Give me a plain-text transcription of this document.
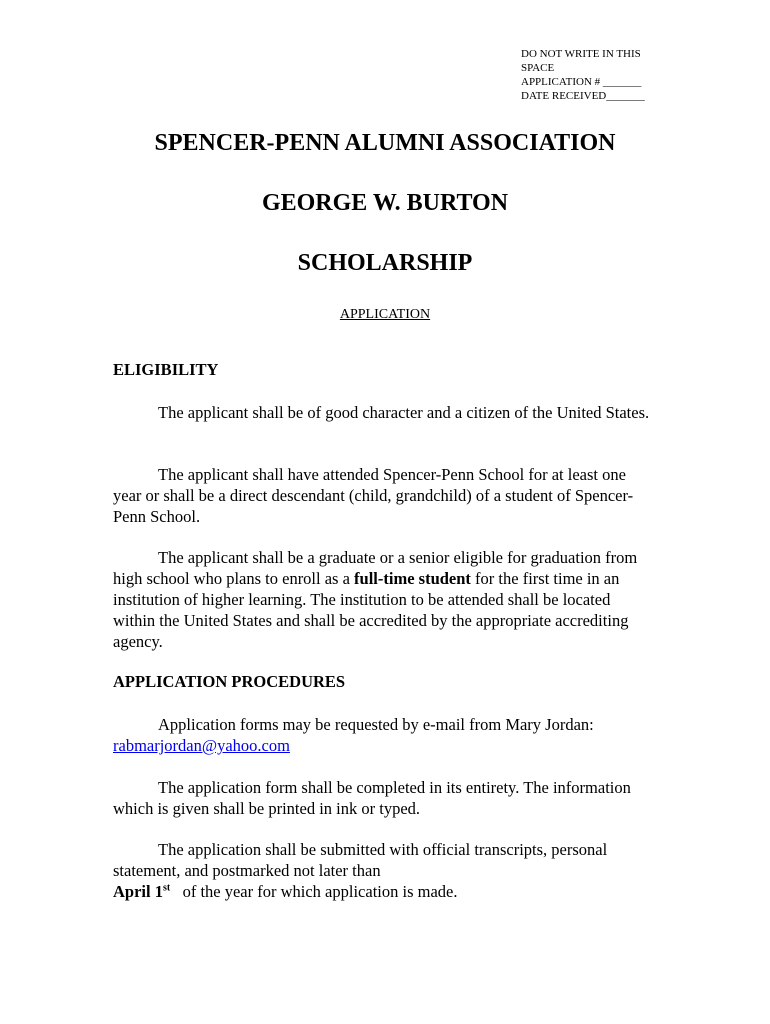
DO NOT WRITE IN THIS
SPACE
APPLICATION # _______
DATE RECEIVED_______
SPENCER-PENN ALUMNI ASSOCIATION
GEORGE W. BURTON
SCHOLARSHIP
APPLICATION
ELIGIBILITY
The applicant shall be of good character and a citizen of the United States.
The applicant shall have attended Spencer-Penn School for at least one year or shall be a direct descendant (child, grandchild) of a student of Spencer-Penn School.
The applicant shall be a graduate or a senior eligible for graduation from high school who plans to enroll as a full-time student for the first time in an institution of higher learning. The institution to be attended shall be located within the United States and shall be accredited by the appropriate accrediting agency.
APPLICATION PROCEDURES
Application forms may be requested by e-mail from Mary Jordan:
rabmarjordan@yahoo.com
The application form shall be completed in its entirety. The information which is given shall be printed in ink or typed.
The application shall be submitted with official transcripts, personal statement, and postmarked not later than
April 1st   of the year for which application is made.
